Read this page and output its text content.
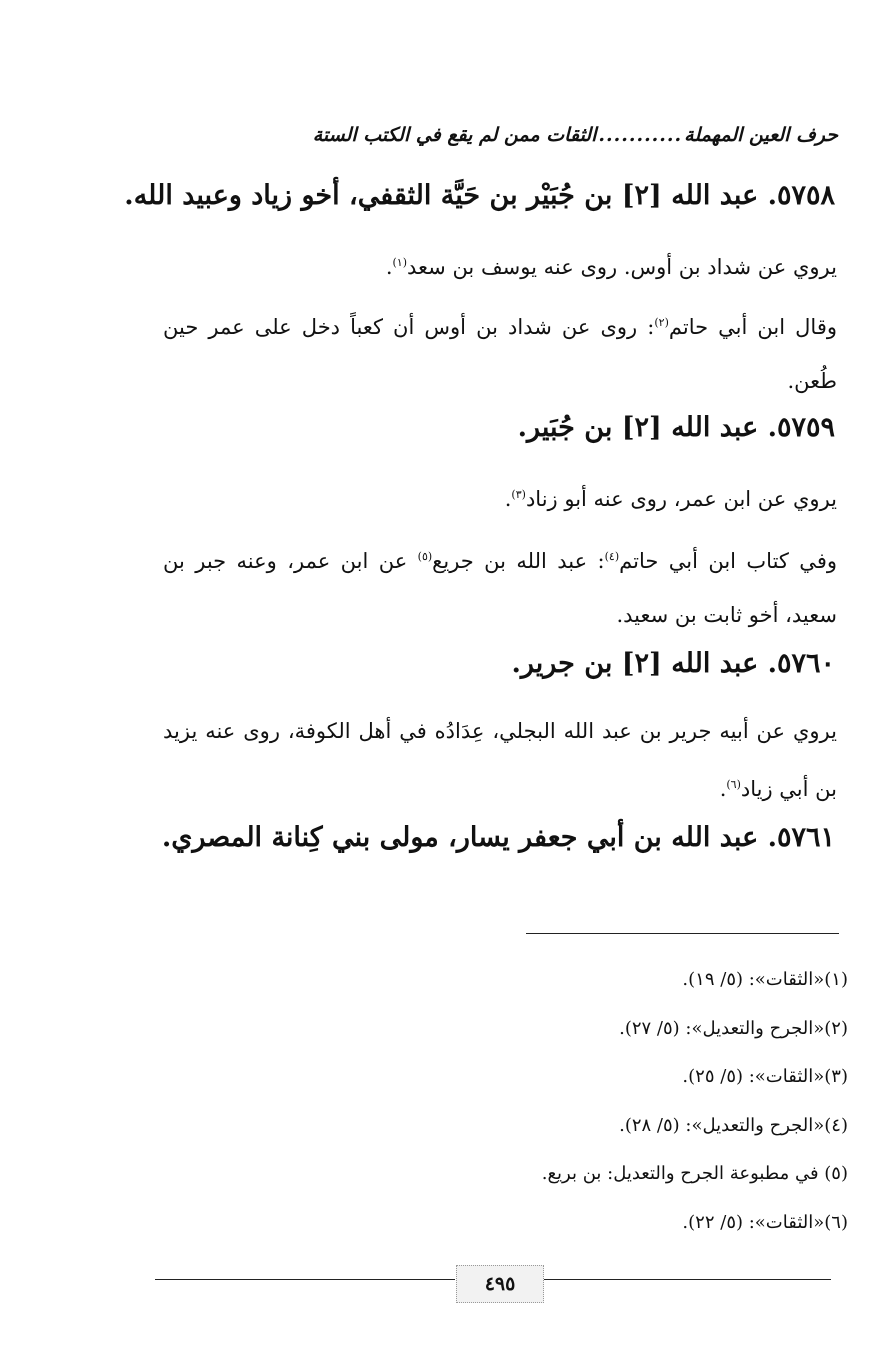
حرف العين المهملة
...........
الثقات ممن لم يقع في الكتب الستة
٥٧٥٨. عبد الله [٢] بن جُبَيْر بن حَيَّة الثقفي، أخو زياد وعبيد الله.
يروي عن شداد بن أوس. روى عنه يوسف بن سعد$^{(١)}$.
وقال ابن أبي حاتم$^{(٢)}$: روى عن شداد بن أوس أن كعباً دخل على عمر حين طُعن.
٥٧٥٩. عبد الله [٢] بن جُبَير.
يروي عن ابن عمر، روى عنه أبو زناد$^{(٣)}$.
وفي كتاب ابن أبي حاتم$^{(٤)}$: عبد الله بن جريع$^{(٥)}$ عن ابن عمر، وعنه جبر بن سعيد، أخو ثابت بن سعيد.
٥٧٦٠. عبد الله [٢] بن جرير.
يروي عن أبيه جرير بن عبد الله البجلي، عِدَادُه في أهل الكوفة، روى عنه يزيد بن أبي زياد$^{(٦)}$.
٥٧٦١. عبد الله بن أبي جعفر يسار، مولى بني كِنانة المصري.
(١)«الثقات»: (٥/ ١٩).
(٢)«الجرح والتعديل»: (٥/ ٢٧).
(٣)«الثقات»: (٥/ ٢٥).
(٤)«الجرح والتعديل»: (٥/ ٢٨).
(٥) في مطبوعة الجرح والتعديل: بن بريع.
(٦)«الثقات»: (٥/ ٢٢).
٤٩٥
